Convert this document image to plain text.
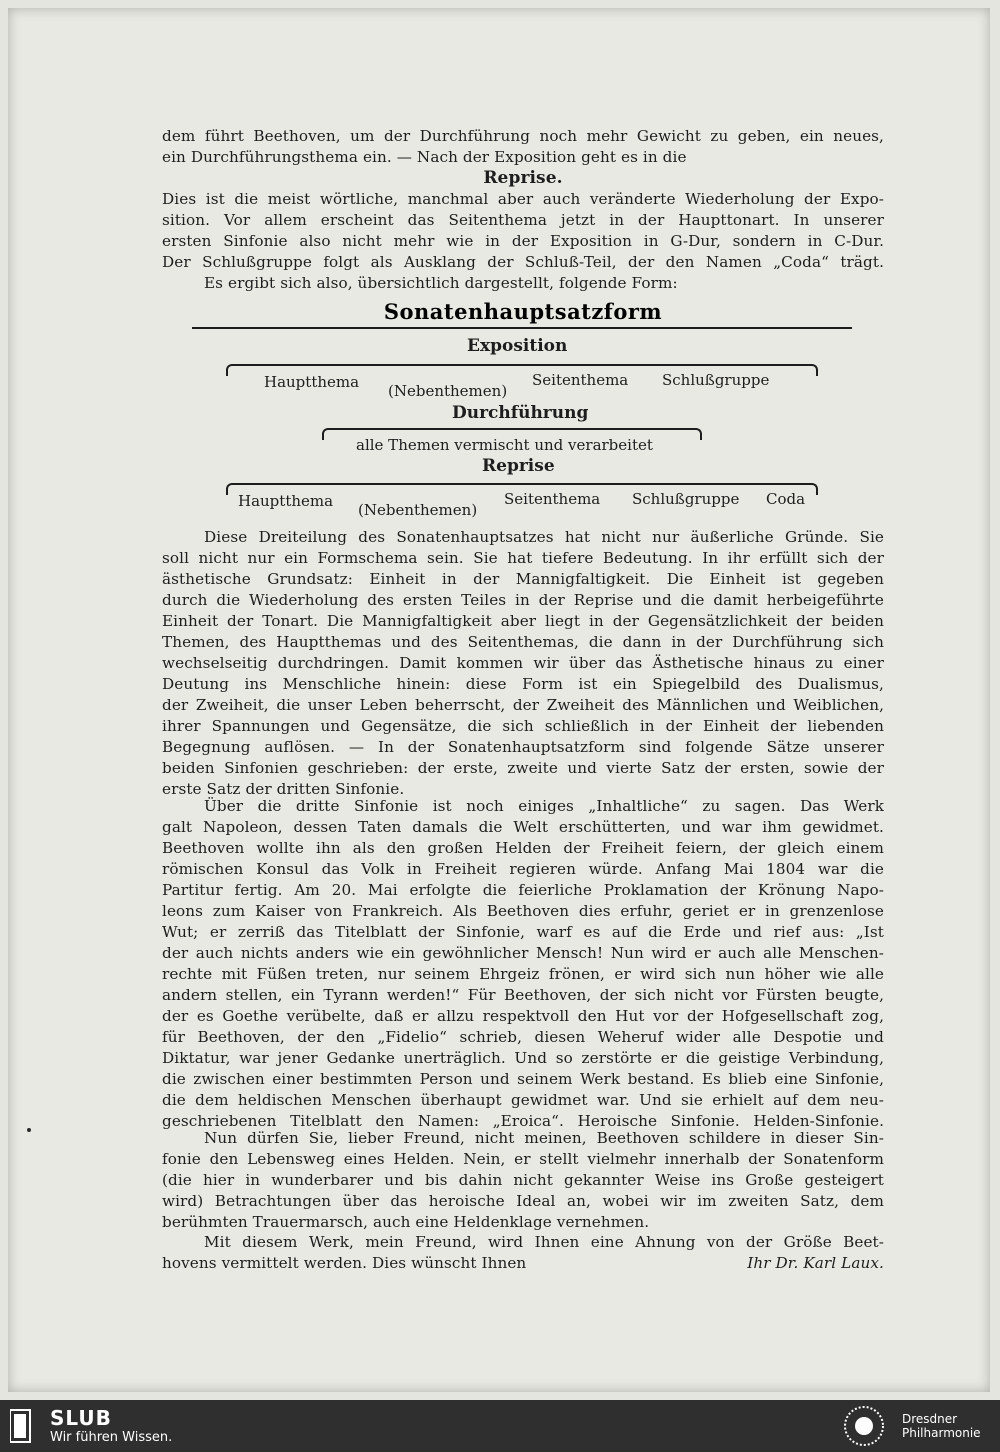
dem führt Beethoven, um der Durchführung noch mehr Gewicht zu geben, ein neues,
ein Durchführungsthema ein. — Nach der Exposition geht es in die
Reprise.
Dies ist die meist wörtliche, manchmal aber auch veränderte Wiederholung der Expo-
sition. Vor allem erscheint das Seitenthema jetzt in der Haupttonart. In unserer
ersten Sinfonie also nicht mehr wie in der Exposition in G-Dur, sondern in C-Dur.
Der Schlußgruppe folgt als Ausklang der Schluß-Teil, der den Namen „Coda“ trägt.
Es ergibt sich also, übersichtlich dargestellt, folgende Form:
Sonatenhauptsatzform
Exposition
Hauptthema (Nebenthemen)
Seitenthema Schlußgruppe
Durchführung
alle Themen vermischt und verarbeitet
Reprise
Hauptthema (Nebenthemen)
Seitenthema Schlußgruppe Coda
Diese Dreiteilung des Sonatenhauptsatzes hat nicht nur äußerliche Gründe. Sie
soll nicht nur ein Formschema sein. Sie hat tiefere Bedeutung. In ihr erfüllt sich der
ästhetische Grundsatz: Einheit in der Mannigfaltigkeit. Die Einheit ist gegeben
durch die Wiederholung des ersten Teiles in der Reprise und die damit herbeigeführte
Einheit der Tonart. Die Mannigfaltigkeit aber liegt in der Gegensätzlichkeit der beiden
Themen, des Hauptthemas und des Seitenthemas, die dann in der Durchführung sich
wechselseitig durchdringen. Damit kommen wir über das Ästhetische hinaus zu einer
Deutung ins Menschliche hinein: diese Form ist ein Spiegelbild des Dualismus,
der Zweiheit, die unser Leben beherrscht, der Zweiheit des Männlichen und Weiblichen,
ihrer Spannungen und Gegensätze, die sich schließlich in der Einheit der liebenden
Begegnung auflösen. — In der Sonatenhauptsatzform sind folgende Sätze unserer
beiden Sinfonien geschrieben: der erste, zweite und vierte Satz der ersten, sowie der
erste Satz der dritten Sinfonie.
Über die dritte Sinfonie ist noch einiges „Inhaltliche“ zu sagen. Das Werk
galt Napoleon, dessen Taten damals die Welt erschütterten, und war ihm gewidmet.
Beethoven wollte ihn als den großen Helden der Freiheit feiern, der gleich einem
römischen Konsul das Volk in Freiheit regieren würde. Anfang Mai 1804 war die
Partitur fertig. Am 20. Mai erfolgte die feierliche Proklamation der Krönung Napo-
leons zum Kaiser von Frankreich. Als Beethoven dies erfuhr, geriet er in grenzenlose
Wut; er zerriß das Titelblatt der Sinfonie, warf es auf die Erde und rief aus: „Ist
der auch nichts anders wie ein gewöhnlicher Mensch! Nun wird er auch alle Menschen-
rechte mit Füßen treten, nur seinem Ehrgeiz frönen, er wird sich nun höher wie alle
andern stellen, ein Tyrann werden!“ Für Beethoven, der sich nicht vor Fürsten beugte,
der es Goethe verübelte, daß er allzu respektvoll den Hut vor der Hofgesellschaft zog,
für Beethoven, der den „Fidelio“ schrieb, diesen Weheruf wider alle Despotie und
Diktatur, war jener Gedanke unerträglich. Und so zerstörte er die geistige Verbindung,
die zwischen einer bestimmten Person und seinem Werk bestand. Es blieb eine Sinfonie,
die dem heldischen Menschen überhaupt gewidmet war. Und sie erhielt auf dem neu-
geschriebenen Titelblatt den Namen: „Eroica“. Heroische Sinfonie. Helden-Sinfonie.
Nun dürfen Sie, lieber Freund, nicht meinen, Beethoven schildere in dieser Sin-
fonie den Lebensweg eines Helden. Nein, er stellt vielmehr innerhalb der Sonatenform
(die hier in wunderbarer und bis dahin nicht gekannter Weise ins Große gesteigert
wird) Betrachtungen über das heroische Ideal an, wobei wir im zweiten Satz, dem
berühmten Trauermarsch, auch eine Heldenklage vernehmen.
Mit diesem Werk, mein Freund, wird Ihnen eine Ahnung von der Größe Beet-
hovens vermittelt werden. Dies wünscht Ihnen	Ihr Dr. Karl Laux.
SLUB
Wir führen Wissen.
Dresdner
Philharmonie
